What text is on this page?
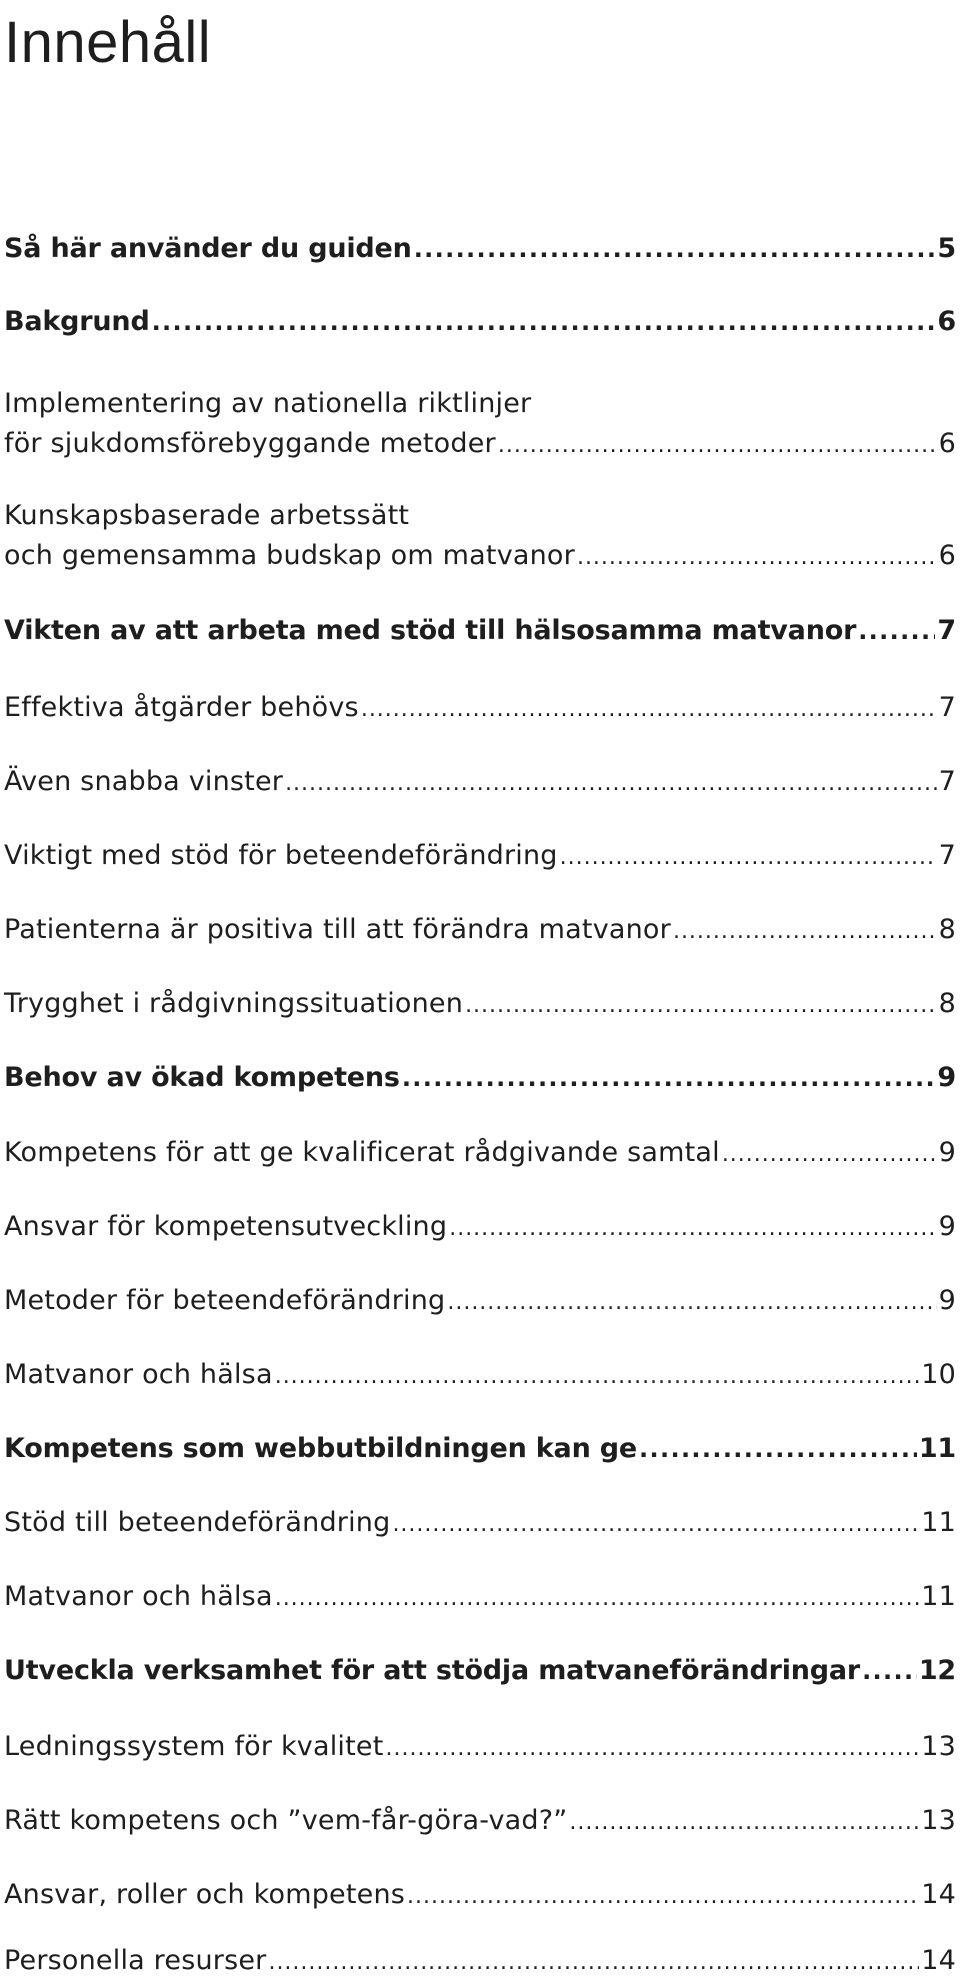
Innehåll
Så här använder du guiden . . .	5
Bakgrund . . .	6
Implementering av nationella riktlinjer
för sjukdomsförebyggande metoder . . .	6
Kunskapsbaserade arbetssätt
och gemensamma budskap om matvanor . . .	6
Vikten av att arbeta med stöd till hälsosamma matvanor . . .	7
Effektiva åtgärder behövs . . .	7
Även snabba vinster . . .	7
Viktigt med stöd för beteendeförändring . . .	7
Patienterna är positiva till att förändra matvanor . . .	8
Trygghet i rådgivningssituationen . . .	8
Behov av ökad kompetens . . .	9
Kompetens för att ge kvalificerat rådgivande samtal . . .	9
Ansvar för kompetensutveckling . . .	9
Metoder för beteendeförändring . . .	9
Matvanor och hälsa . . .	10
Kompetens som webbutbildningen kan ge . . .	11
Stöd till beteendeförändring . . .	11
Matvanor och hälsa . . .	11
Utveckla verksamhet för att stödja matvaneförändringar . . . 12
Ledningssystem för kvalitet . . .	13
Rätt kompetens och ”vem-får-göra-vad?” . . .	13
Ansvar, roller och kompetens . . .	14
Personella resurser . . .	14
